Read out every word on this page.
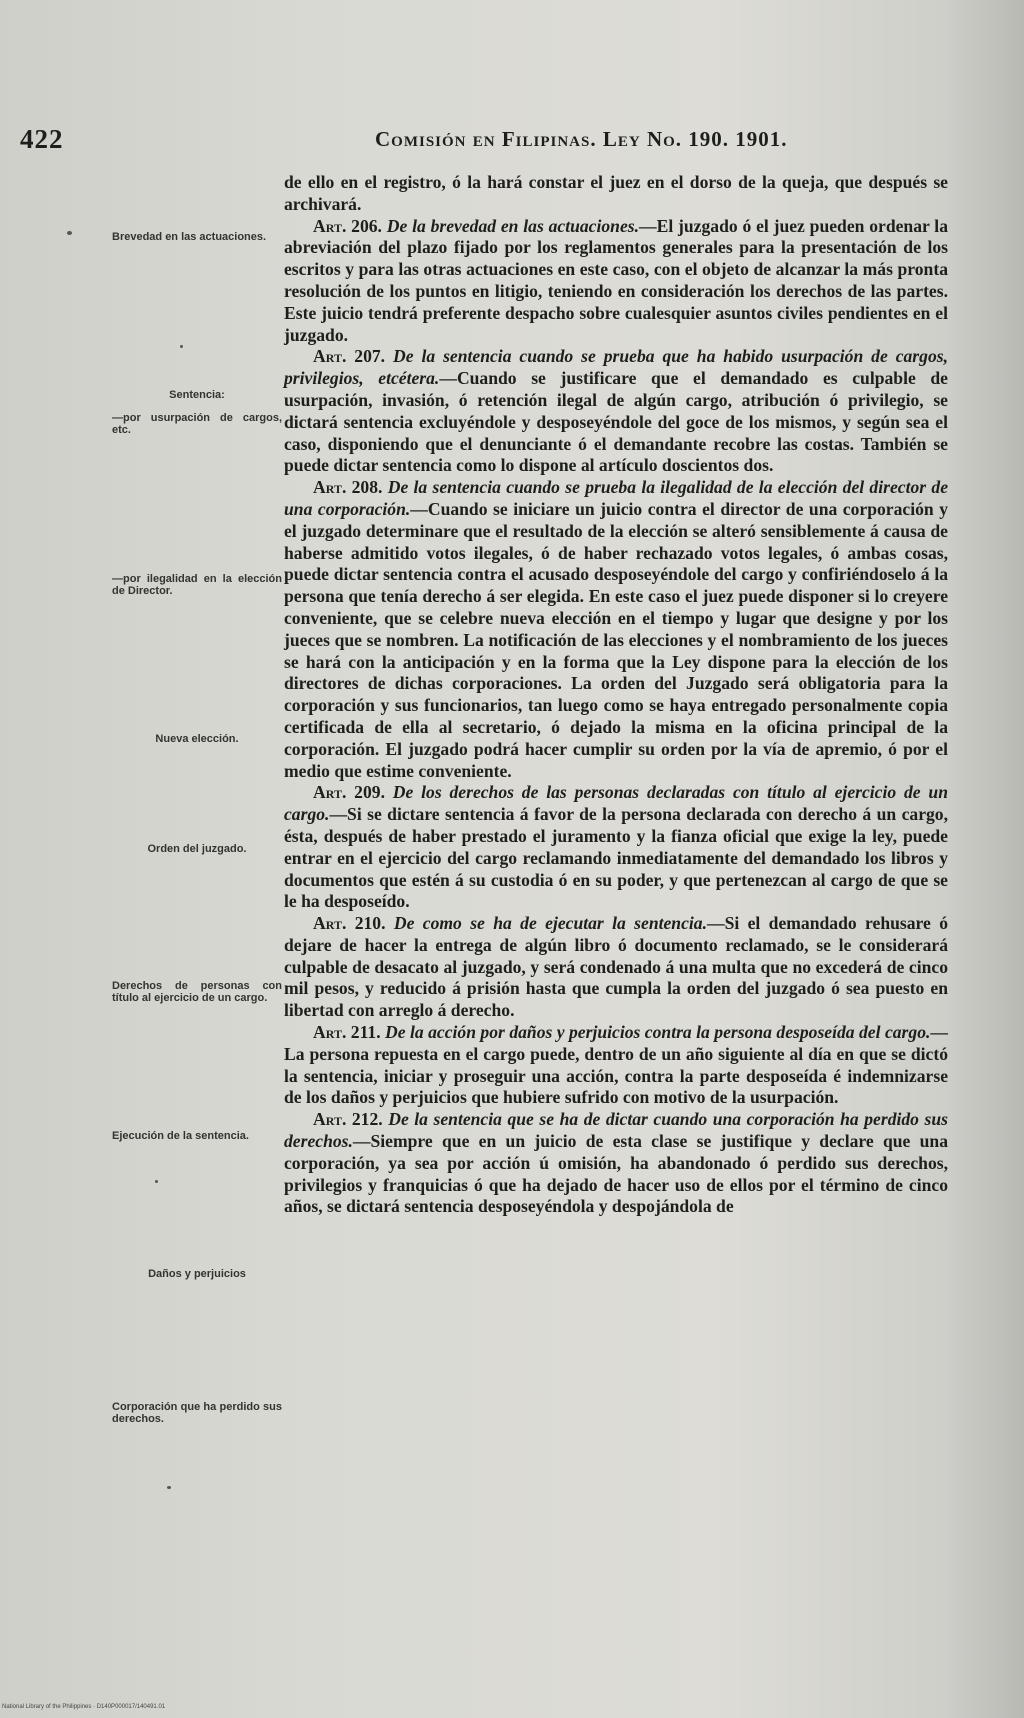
422	Comisión en Filipinas. Ley No. 190. 1901.

de ello en el registro, ó la hará constar el juez en el dorso de la queja, que después se archivará.

Art. 206. De la brevedad en las actuaciones.—El juzgado ó el juez pueden ordenar la abreviación del plazo fijado por los reglamentos generales para la presentación de los escritos y para las otras actuaciones en este caso, con el objeto de alcanzar la más pronta resolución de los puntos en litigio, teniendo en consideración los derechos de las partes. Este juicio tendrá preferente despacho sobre cualesquier asuntos civiles pendientes en el juzgado.

Art. 207. De la sentencia cuando se prueba que ha habido usurpación de cargos, privilegios, etcétera.—Cuando se justificare que el demandado es culpable de usurpación, invasión, ó retención ilegal de algún cargo, atribución ó privilegio, se dictará sentencia excluyéndole y desposeyéndole del goce de los mismos, y según sea el caso, disponiendo que el denunciante ó el demandante recobre las costas. También se puede dictar sentencia como lo dispone al artículo doscientos dos.

Art. 208. De la sentencia cuando se prueba la ilegalidad de la elección del director de una corporación.—Cuando se iniciare un juicio contra el director de una corporación y el juzgado determinare que el resultado de la elección se alteró sensiblemente á causa de haberse admitido votos ilegales, ó de haber rechazado votos legales, ó ambas cosas, puede dictar sentencia contra el acusado desposeyéndole del cargo y confiriéndoselo á la persona que tenía derecho á ser elegida. En este caso el juez puede disponer si lo creyere conveniente, que se celebre nueva elección en el tiempo y lugar que designe y por los jueces que se nombren. La notificación de las elecciones y el nombramiento de los jueces se hará con la anticipación y en la forma que la Ley dispone para la elección de los directores de dichas corporaciones. La orden del Juzgado será obligatoria para la corporación y sus funcionarios, tan luego como se haya entregado personalmente copia certificada de ella al secretario, ó dejado la misma en la oficina principal de la corporación. El juzgado podrá hacer cumplir su orden por la vía de apremio, ó por el medio que estime conveniente.

Art. 209. De los derechos de las personas declaradas con título al ejercicio de un cargo.—Si se dictare sentencia á favor de la persona declarada con derecho á un cargo, ésta, después de haber prestado el juramento y la fianza oficial que exige la ley, puede entrar en el ejercicio del cargo reclamando inmediatamente del demandado los libros y documentos que estén á su custodia ó en su poder, y que pertenezcan al cargo de que se le ha desposeído.

Art. 210. De como se ha de ejecutar la sentencia.—Si el demandado rehusare ó dejare de hacer la entrega de algún libro ó documento reclamado, se le considerará culpable de desacato al juzgado, y será condenado á una multa que no excederá de cinco mil pesos, y reducido á prisión hasta que cumpla la orden del juzgado ó sea puesto en libertad con arreglo á derecho.

Art. 211. De la acción por daños y perjuicios contra la persona desposeída del cargo.—La persona repuesta en el cargo puede, dentro de un año siguiente al día en que se dictó la sentencia, iniciar y proseguir una acción, contra la parte desposeída é indemnizarse de los daños y perjuicios que hubiere sufrido con motivo de la usurpación.

Art. 212. De la sentencia que se ha de dictar cuando una corporación ha perdido sus derechos.—Siempre que en un juicio de esta clase se justifique y declare que una corporación, ya sea por acción ú omisión, ha abandonado ó perdido sus derechos, privilegios y franquicias ó que ha dejado de hacer uso de ellos por el término de cinco años, se dictará sentencia desposeyéndola y despojándola de

Brevedad en las actuaciones.
Sentencia:
—por usurpación de cargos, etc.
—por ilegalidad en la elección de Director.
Nueva elección.
Orden del juzgado.
Derechos de personas con título al ejercicio de un cargo.
Ejecución de la sentencia.
Daños y perjuicios
Corporación que ha perdido sus derechos.
National Library of the Philippines · D140P000017/140491.01
